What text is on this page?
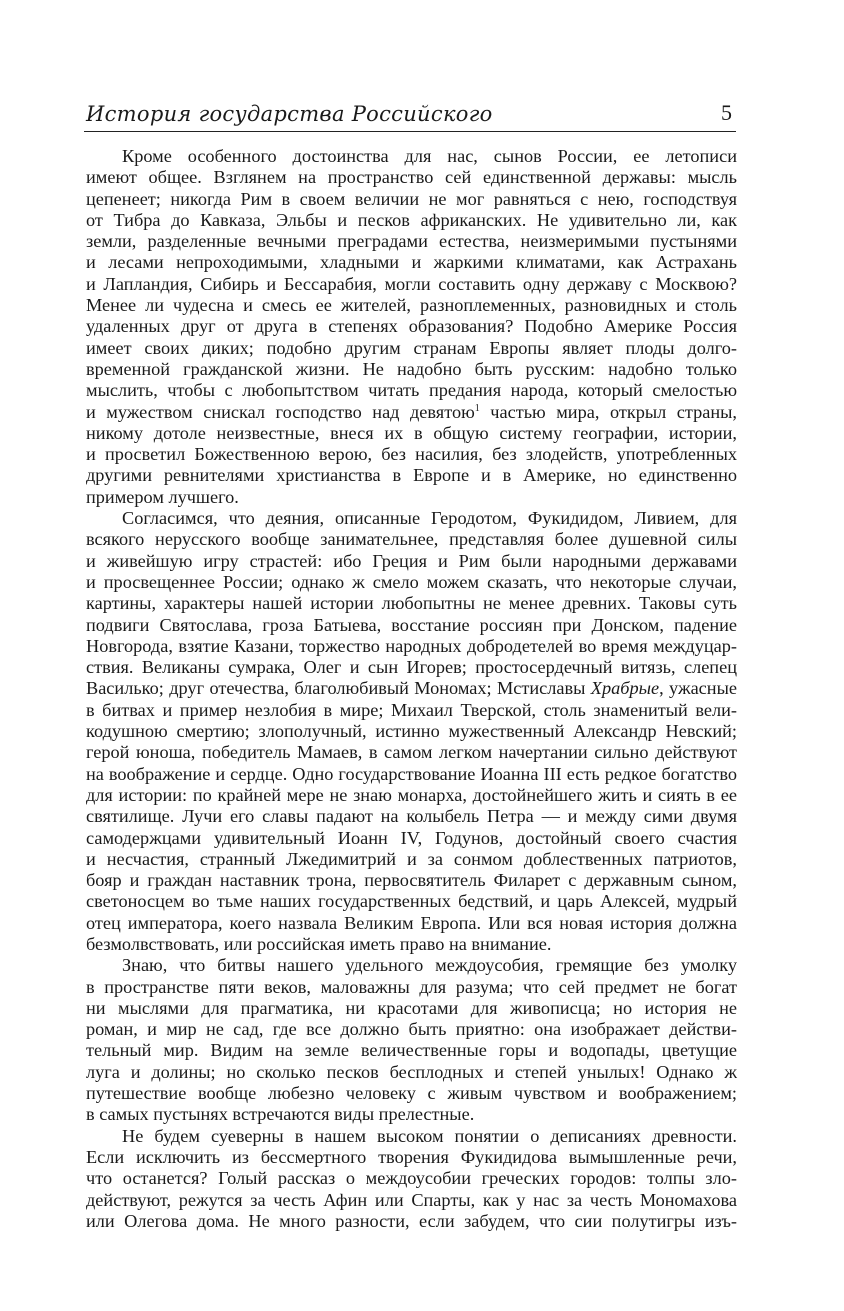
История государства Российского	5
Кроме особенного достоинства для нас, сынов России, ее летописи
имеют общее. Взглянем на пространство сей единственной державы: мысль
цепенеет; никогда Рим в своем величии не мог равняться с нею, господствуя
от Тибра до Кавказа, Эльбы и песков африканских. Не удивительно ли, как
земли, разделенные вечными преградами естества, неизмеримыми пустынями
и лесами непроходимыми, хладными и жаркими климатами, как Астрахань
и Лапландия, Сибирь и Бессарабия, могли составить одну державу с Москвою?
Менее ли чудесна и смесь ее жителей, разноплеменных, разновидных и столь
удаленных друг от друга в степенях образования? Подобно Америке Россия
имеет своих диких; подобно другим странам Европы являет плоды долго-
временной гражданской жизни. Не надобно быть русским: надобно только
мыслить, чтобы с любопытством читать предания народа, который смелостью
и мужеством снискал господство над девятою$^1$ частью мира, открыл страны,
никому дотоле неизвестные, внеся их в общую систему географии, истории,
и просветил Божественною верою, без насилия, без злодейств, употребленных
другими ревнителями христианства в Европе и в Америке, но единственно
примером лучшего.
Согласимся, что деяния, описанные Геродотом, Фукидидом, Ливием, для
всякого нерусского вообще занимательнее, представляя более душевной силы
и живейшую игру страстей: ибо Греция и Рим были народными державами
и просвещеннее России; однако ж смело можем сказать, что некоторые случаи,
картины, характеры нашей истории любопытны не менее древних. Таковы суть
подвиги Святослава, гроза Батыева, восстание россиян при Донском, падение
Новгорода, взятие Казани, торжество народных добродетелей во время междуцар-
ствия. Великаны сумрака, Олег и сын Игорев; простосердечный витязь, слепец
Василько; друг отечества, благолюбивый Мономах; Мстиславы Храбрые, ужасные
в битвах и пример незлобия в мире; Михаил Тверской, столь знаменитый вели-
кодушною смертию; злополучный, истинно мужественный Александр Невский;
герой юноша, победитель Мамаев, в самом легком начертании сильно действуют
на воображение и сердце. Одно государствование Иоанна III есть редкое богатство
для истории: по крайней мере не знаю монарха, достойнейшего жить и сиять в ее
святилище. Лучи его славы падают на колыбель Петра — и между сими двумя
самодержцами удивительный Иоанн IV, Годунов, достойный своего счастия
и несчастия, странный Лжедимитрий и за сонмом доблественных патриотов,
бояр и граждан наставник трона, первосвятитель Филарет с державным сыном,
светоносцем во тьме наших государственных бедствий, и царь Алексей, мудрый
отец императора, коего назвала Великим Европа. Или вся новая история должна
безмолвствовать, или российская иметь право на внимание.
Знаю, что битвы нашего удельного междоусобия, гремящие без умолку
в пространстве пяти веков, маловажны для разума; что сей предмет не богат
ни мыслями для прагматика, ни красотами для живописца; но история не
роман, и мир не сад, где все должно быть приятно: она изображает действи-
тельный мир. Видим на земле величественные горы и водопады, цветущие
луга и долины; но сколько песков бесплодных и степей унылых! Однако ж
путешествие вообще любезно человеку с живым чувством и воображением;
в самых пустынях встречаются виды прелестные.
Не будем суеверны в нашем высоком понятии о деписаниях древности.
Если исключить из бессмертного творения Фукидидова вымышленные речи,
что останется? Голый рассказ о междоусобии греческих городов: толпы зло-
действуют, режутся за честь Афин или Спарты, как у нас за честь Мономахова
или Олегова дома. Не много разности, если забудем, что сии полутигры изъ-
